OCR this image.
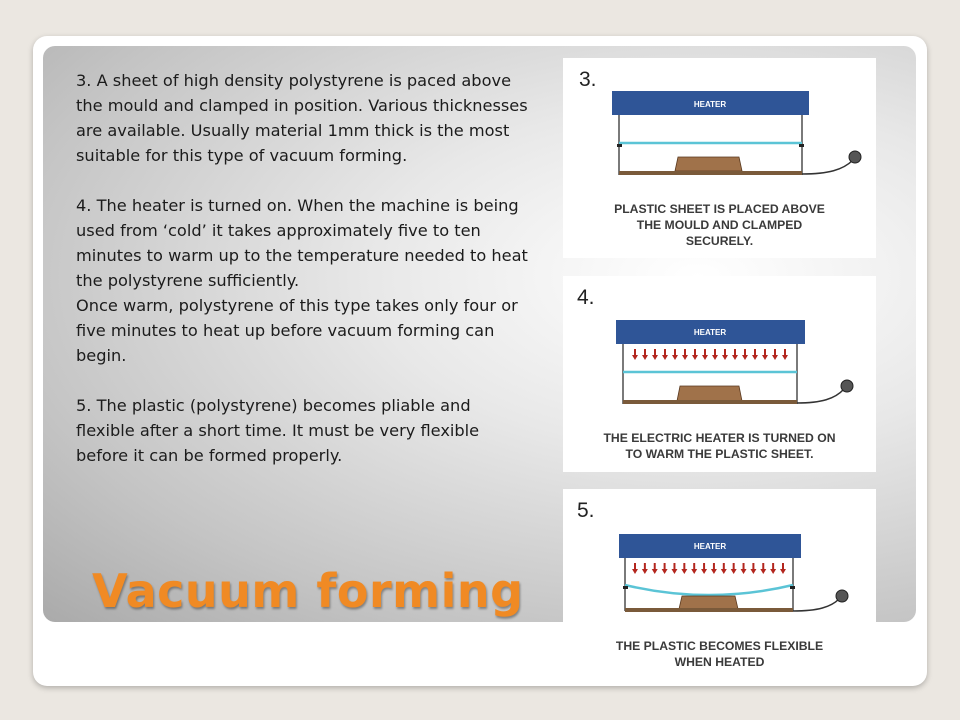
3. A sheet of high density polystyrene is paced above the mould and clamped in position. Various thicknesses are available. Usually material 1mm thick is the most suitable for this type of vacuum forming.

4. The heater is turned on. When the machine is being used from ‘cold’ it takes approximately five to ten minutes to warm up to the temperature needed to heat the polystyrene sufficiently.

Once warm, polystyrene of this type takes only four or five minutes to heat up before vacuum forming can begin.

5. The plastic (polystyrene) becomes pliable and flexible after a short time. It must be very flexible before it can be formed properly.

Vacuum forming
3.
HEATER
PLASTIC SHEET IS PLACED ABOVE
THE MOULD AND CLAMPED
SECURELY.
4.
HEATER
THE ELECTRIC HEATER IS TURNED ON
TO WARM THE PLASTIC SHEET.
5.
HEATER
THE PLASTIC BECOMES FLEXIBLE
WHEN HEATED
